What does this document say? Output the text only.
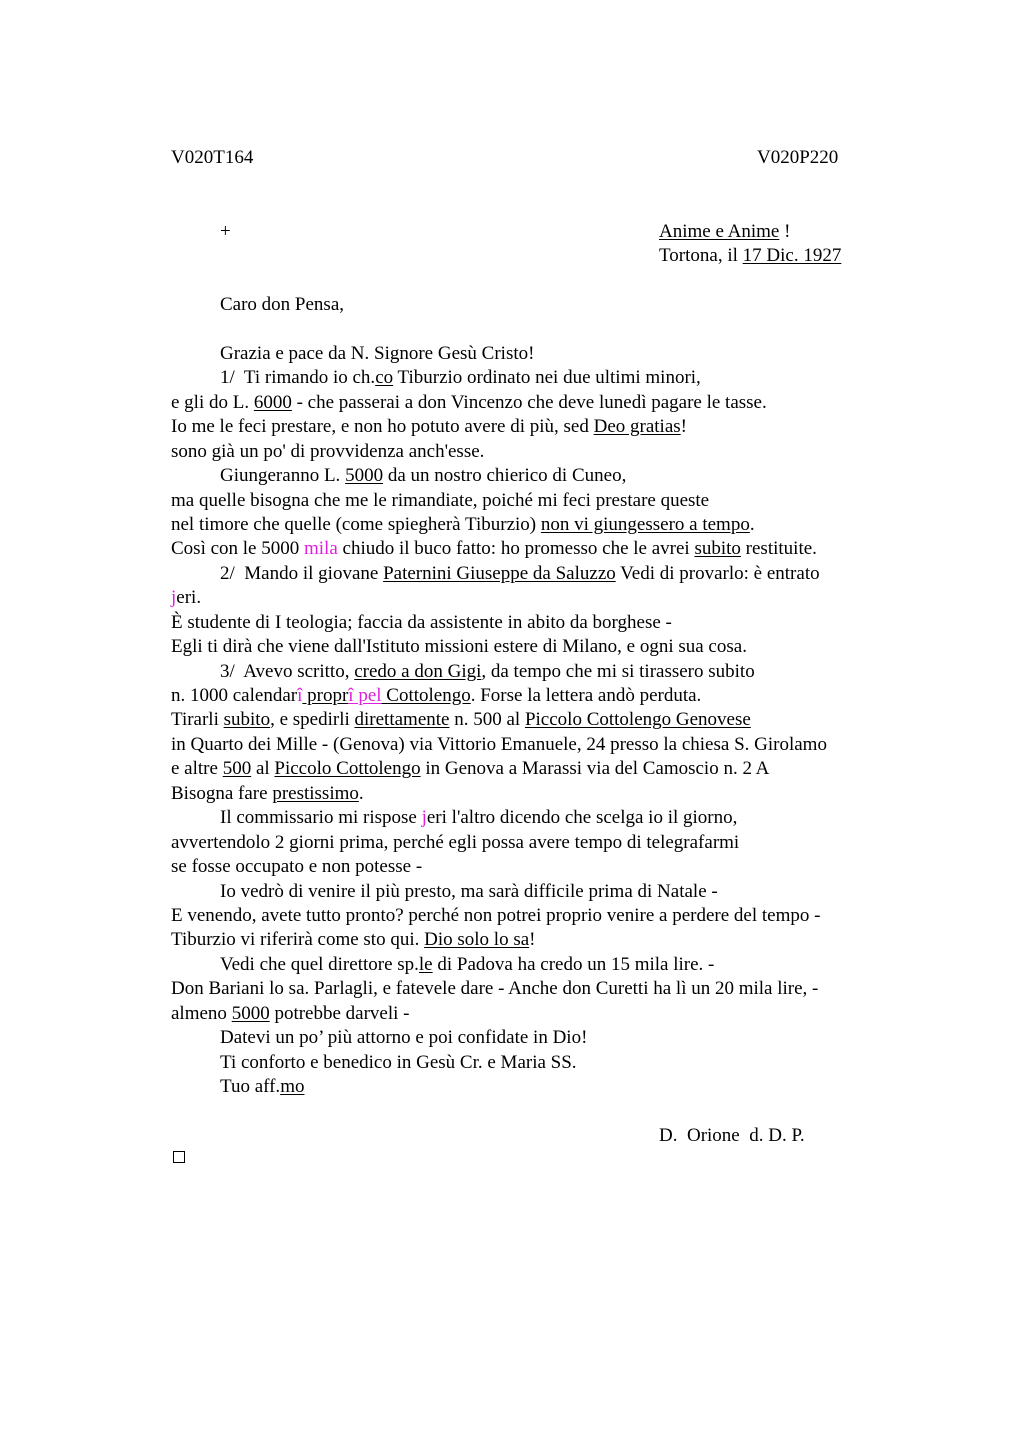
V020T164	V020P220
+	Anime e Anime !
Tortona, il 17 Dic. 1927
Caro don Pensa,
Grazia e pace da N. Signore Gesù Cristo!
1/  Ti rimando io ch.co Tiburzio ordinato nei due ultimi minori,
e gli do L. 6000 - che passerai a don Vincenzo che deve lunedì pagare le tasse.
Io me le feci prestare, e non ho potuto avere di più, sed Deo gratias!
sono già un po' di provvidenza anch'esse.
Giungeranno L. 5000 da un nostro chierico di Cuneo,
ma quelle bisogna che me le rimandiate, poiché mi feci prestare queste
nel timore che quelle (come spiegherà Tiburzio) non vi giungessero a tempo.
Così con le 5000 mila chiudo il buco fatto: ho promesso che le avrei subito restituite.
2/  Mando il giovane Paternini Giuseppe da Saluzzo Vedi di provarlo: è entrato
jeri.
È studente di I teologia; faccia da assistente in abito da borghese -
Egli ti dirà che viene dall'Istituto missioni estere di Milano, e ogni sua cosa.
3/  Avevo scritto, credo a don Gigi, da tempo che mi si tirassero subito
n. 1000 calendarî proprî pel Cottolengo. Forse la lettera andò perduta.
Tirarli subito, e spedirli direttamente n. 500 al Piccolo Cottolengo Genovese
in Quarto dei Mille - (Genova) via Vittorio Emanuele, 24 presso la chiesa S. Girolamo
e altre 500 al Piccolo Cottolengo in Genova a Marassi via del Camoscio n. 2 A
Bisogna fare prestissimo.
Il commissario mi rispose jeri l'altro dicendo che scelga io il giorno,
avvertendolo 2 giorni prima, perché egli possa avere tempo di telegrafarmi
se fosse occupato e non potesse -
Io vedrò di venire il più presto, ma sarà difficile prima di Natale -
E venendo, avete tutto pronto? perché non potrei proprio venire a perdere del tempo -
Tiburzio vi riferirà come sto qui. Dio solo lo sa!
Vedi che quel direttore sp.le di Padova ha credo un 15 mila lire. -
Don Bariani lo sa. Parlagli, e fatevele dare - Anche don Curetti ha lì un 20 mila lire, -
almeno 5000 potrebbe darveli -
Datevi un po’ più attorno e poi confidate in Dio!
Ti conforto e benedico in Gesù Cr. e Maria SS.
Tuo aff.mo
D.  Orione  d. D. P.
